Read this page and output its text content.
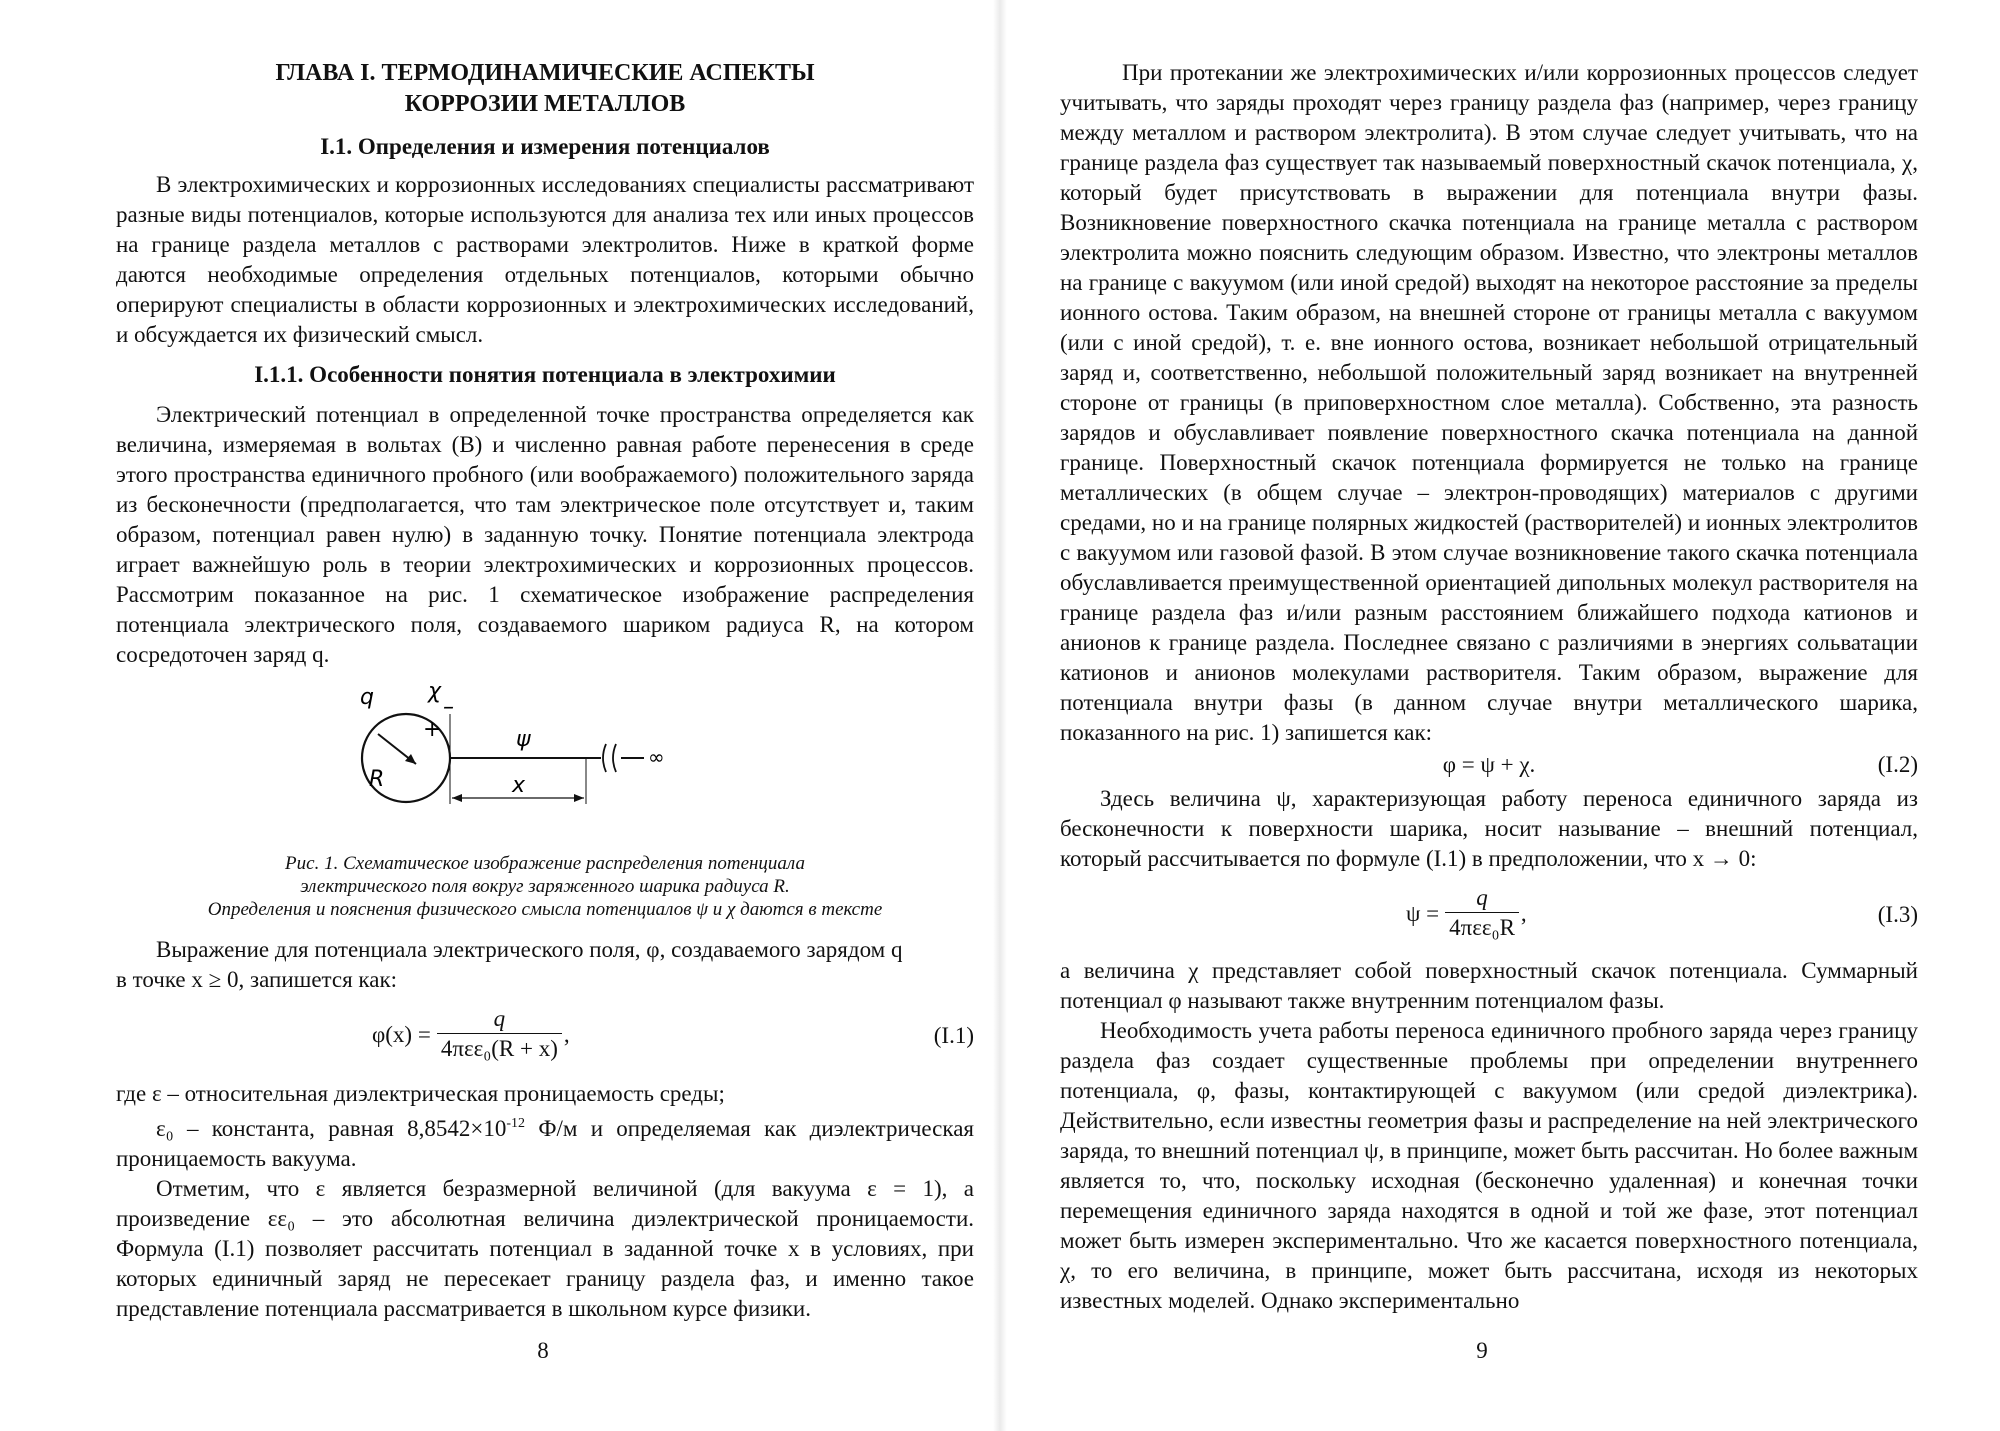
ГЛАВА I. ТЕРМОДИНАМИЧЕСКИЕ АСПЕКТЫ
КОРРОЗИИ МЕТАЛЛОВ
I.1. Определения и измерения потенциалов

В электрохимических и коррозионных исследованиях специалисты рассматривают разные виды потенциалов, которые используются для анализа тех или иных процессов на границе раздела металлов с растворами электролитов. Ниже в краткой форме даются необходимые определения отдельных потенциалов, которыми обычно оперируют специалисты в области коррозионных и электрохимических исследований, и обсуждается их физический смысл.

I.1.1. Особенности понятия потенциала в электрохимии

Электрический потенциал в определенной точке пространства определяется как величина, измеряемая в вольтах (В) и численно равная работе перенесения в среде этого пространства единичного пробного (или воображаемого) положительного заряда из бесконечности (предполагается, что там электрическое поле отсутствует и, таким образом, потенциал равен нулю) в заданную точку. Понятие потенциала электрода играет важнейшую роль в теории электрохимических и коррозионных процессов. Рассмотрим показанное на рис. 1 схематическое изображение распределения потенциала электрического поля, создаваемого шариком радиуса R, на котором сосредоточен заряд q.

q χ
–
+
R
ψ
x
∞

Рис. 1. Схематическое изображение распределения потенциала

электрического поля вокруг заряженного шарика радиуса R.

Определения и пояснения физического смысла потенциалов ψ и χ даются в тексте

Выражение для потенциала электрического поля, φ, создаваемого зарядом q

в точке x ≥ 0, запишется как:

$\varphi(x) = \frac{q}{\text{4πεε₀(R + x)}}$ ,	(I.1)

где ε – относительная диэлектрическая проницаемость среды;

ε₀ – константа, равная $8,8542\times 10^{-12}$ Ф/м и определяемая как диэлектрическая проницаемость вакуума.

Отметим, что ε является безразмерной величиной (для вакуума ε = 1), а произведение εε₀ – это абсолютная величина диэлектрической проницаемости. Формула (I.1) позволяет рассчитать потенциал в заданной точке x в условиях, при которых единичный заряд не пересекает границу раздела фаз, и именно такое представление потенциала рассматривается в школьном курсе физики.

8

При протекании же электрохимических и/или коррозионных процессов следует учитывать, что заряды проходят через границу раздела фаз (например, через границу между металлом и раствором электролита). В этом случае следует учитывать, что на границе раздела фаз существует так называемый поверхностный скачок потенциала, χ, который будет присутствовать в выражении для потенциала внутри фазы. Возникновение поверхностного скачка потенциала на границе металла с раствором электролита можно пояснить следующим образом. Известно, что электроны металлов на границе с вакуумом (или иной средой) выходят на некоторое расстояние за пределы ионного остова. Таким образом, на внешней стороне от границы металла с вакуумом (или с иной средой), т. е. вне ионного остова, возникает небольшой отрицательный заряд и, соответственно, небольшой положительный заряд возникает на внутренней стороне от границы (в приповерхностном слое металла). Собственно, эта разность зарядов и обуславливает появление поверхностного скачка потенциала на данной границе. Поверхностный скачок потенциала формируется не только на границе металлических (в общем случае – электрон-проводящих) материалов с другими средами, но и на границе полярных жидкостей (растворителей) и ионных электролитов с вакуумом или газовой фазой. В этом случае возникновение такого скачка потенциала обуславливается преимущественной ориентацией дипольных молекул растворителя на границе раздела фаз и/или разным расстоянием ближайшего подхода катионов и анионов к границе раздела. Последнее связано с различиями в энергиях сольватации катионов и анионов молекулами растворителя. Таким образом, выражение для потенциала внутри фазы (в данном случае внутри металлического шарика, показанного на рис. 1) запишется как:

φ = ψ + χ.	(I.2)

Здесь величина ψ, характеризующая работу переноса единичного заряда из бесконечности к поверхности шарика, носит называние – внешний потенциал, который рассчитывается по формуле (I.1) в предположении, что x → 0:

$\psi = \frac{q}{\text{4πεε₀R}}$ ,	(I.3)

а величина χ представляет собой поверхностный скачок потенциала. Суммарный потенциал φ называют также внутренним потенциалом фазы.

Необходимость учета работы переноса единичного пробного заряда через границу раздела фаз создает существенные проблемы при определении внутреннего потенциала, φ, фазы, контактирующей с вакуумом (или средой диэлектрика). Действительно, если известны геометрия фазы и распределение на ней электрического заряда, то внешний потенциал ψ, в принципе, может быть рассчитан. Но более важным является то, что, поскольку исходная (бесконечно удаленная) и конечная точки перемещения единичного заряда находятся в одной и той же фазе, этот потенциал может быть измерен экспериментально. Что же касается поверхностного потенциала, χ, то его величина, в принципе, может быть рассчитана, исходя из некоторых известных моделей. Однако экспериментально

9
